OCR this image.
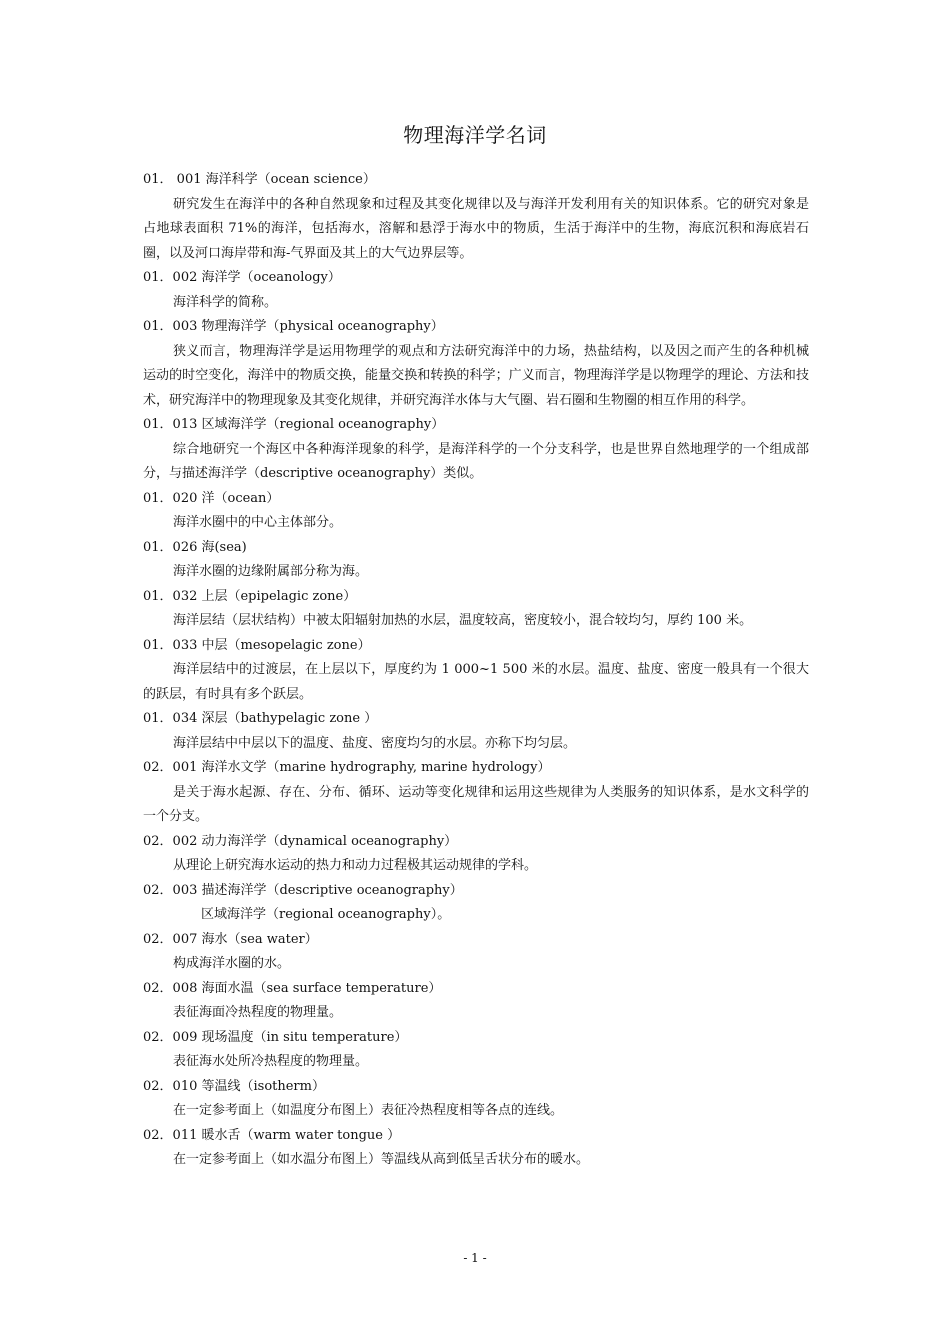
物理海洋学名词
01． 001 海洋科学（ocean science）
研究发生在海洋中的各种自然现象和过程及其变化规律以及与海洋开发利用有关的知识体系。它的研究对象是占地球表面积 71%的海洋，包括海水，溶解和悬浮于海水中的物质，生活于海洋中的生物，海底沉积和海底岩石圈，以及河口海岸带和海-气界面及其上的大气边界层等。
01．002 海洋学（oceanology）
海洋科学的简称。
01．003 物理海洋学（physical oceanography）
狭义而言，物理海洋学是运用物理学的观点和方法研究海洋中的力场，热盐结构，以及因之而产生的各种机械运动的时空变化，海洋中的物质交换，能量交换和转换的科学；广义而言，物理海洋学是以物理学的理论、方法和技术，研究海洋中的物理现象及其变化规律，并研究海洋水体与大气圈、岩石圈和生物圈的相互作用的科学。
01．013 区域海洋学（regional oceanography）
综合地研究一个海区中各种海洋现象的科学，是海洋科学的一个分支科学，也是世界自然地理学的一个组成部分，与描述海洋学（descriptive oceanography）类似。
01．020 洋（ocean）
海洋水圈中的中心主体部分。
01．026 海(sea)
海洋水圈的边缘附属部分称为海。
01．032 上层（epipelagic zone）
海洋层结（层状结构）中被太阳辐射加热的水层，温度较高，密度较小，混合较均匀，厚约 100 米。
01．033 中层（mesopelagic zone）
海洋层结中的过渡层，在上层以下，厚度约为 1 000~1 500 米的水层。温度、盐度、密度一般具有一个很大的跃层，有时具有多个跃层。
01．034 深层（bathypelagic zone ）
海洋层结中中层以下的温度、盐度、密度均匀的水层。亦称下均匀层。
02．001 海洋水文学（marine hydrography, marine hydrology）
是关于海水起源、存在、分布、循环、运动等变化规律和运用这些规律为人类服务的知识体系，是水文科学的一个分支。
02．002 动力海洋学（dynamical oceanography）
从理论上研究海水运动的热力和动力过程极其运动规律的学科。
02．003 描述海洋学（descriptive oceanography）
区域海洋学（regional oceanography）。
02．007 海水（sea water）
构成海洋水圈的水。
02．008 海面水温（sea surface temperature）
表征海面冷热程度的物理量。
02．009 现场温度（in situ temperature）
表征海水处所冷热程度的物理量。
02．010 等温线（isotherm）
在一定参考面上（如温度分布图上）表征冷热程度相等各点的连线。
02．011 暖水舌（warm water tongue ）
在一定参考面上（如水温分布图上）等温线从高到低呈舌状分布的暖水。
- 1 -
